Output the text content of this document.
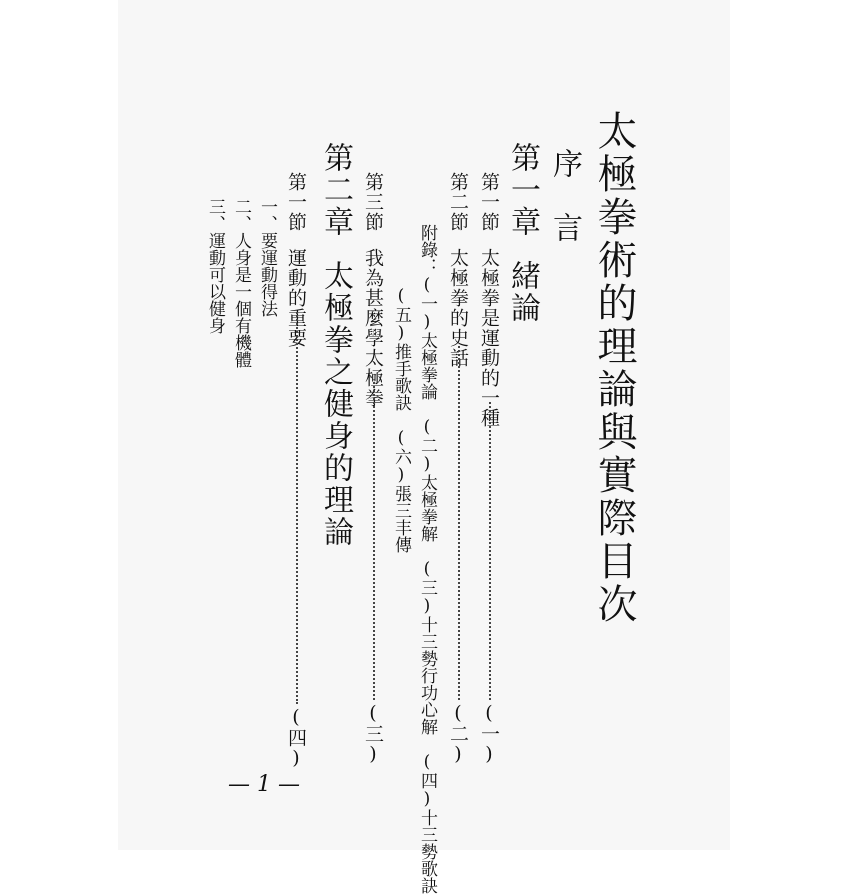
太極拳術的理論與實際目次
序　言
第一章緒論
第一節太極拳是運動的一種
(一)
第二節太極拳的史話
(二)
附錄：(一)太極拳論　(二)太極拳解　(三)十三勢行功心解　(四)十三勢歌訣
(五)推手歌訣　(六)張三丰傳
第三節我為甚麼學太極拳
(三)
第二章太極拳之健身的理論
第一節運動的重要
(四)
一、要運動得法
二、人身是一個有機體
三、運動可以健身
— 1 —
